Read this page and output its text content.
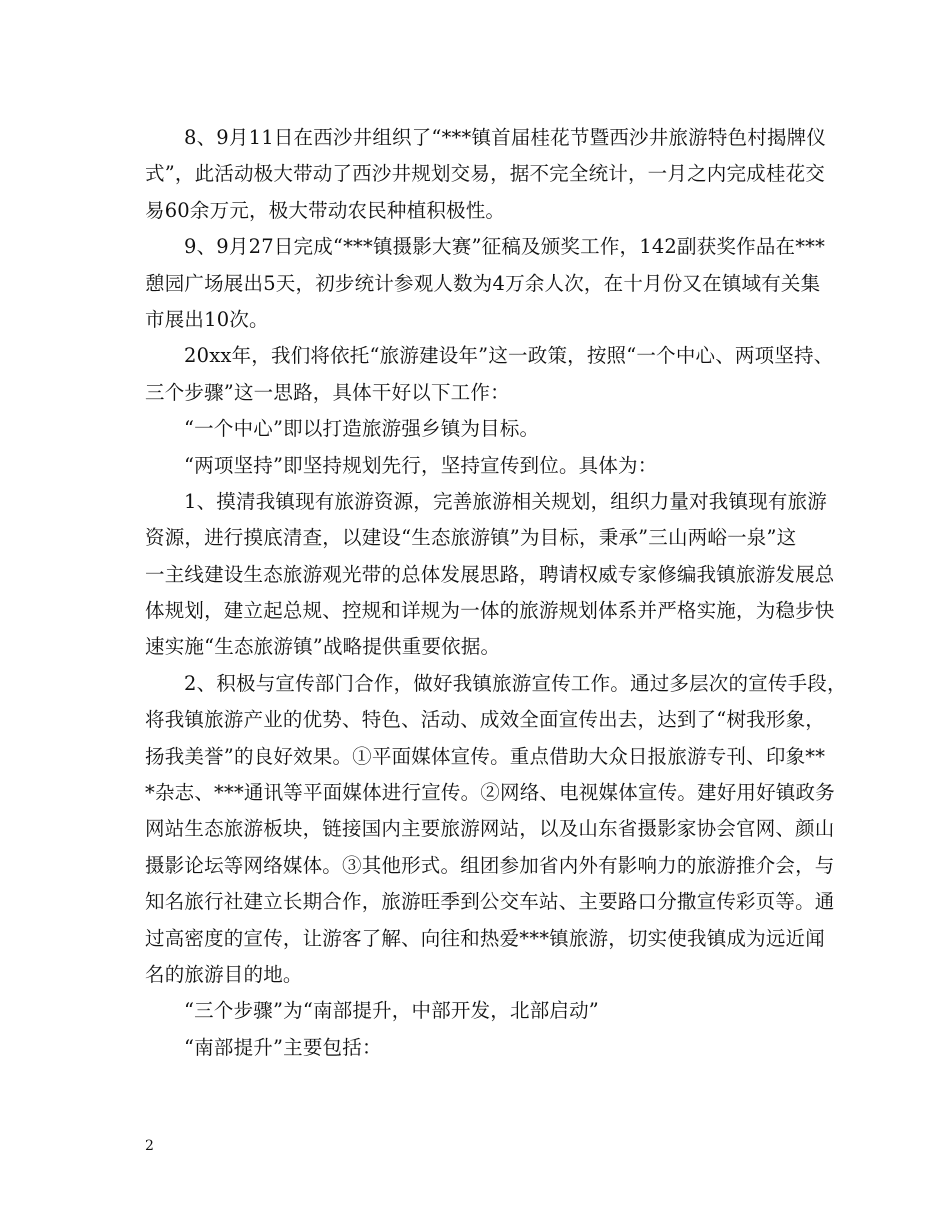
8、9月11日在西沙井组织了“***镇首届桂花节暨西沙井旅游特色村揭牌仪
式”，此活动极大带动了西沙井规划交易，据不完全统计，一月之内完成桂花交
易60余万元，极大带动农民种植积极性。
9、9月27日完成“***镇摄影大赛”征稿及颁奖工作，142副获奖作品在***
憩园广场展出5天，初步统计参观人数为4万余人次，在十月份又在镇域有关集
市展出10次。
20xx年，我们将依托“旅游建设年”这一政策，按照“一个中心、两项坚持、
三个步骤”这一思路，具体干好以下工作：
“一个中心”即以打造旅游强乡镇为目标。
“两项坚持”即坚持规划先行，坚持宣传到位。具体为：
1、摸清我镇现有旅游资源，完善旅游相关规划，组织力量对我镇现有旅游
资源，进行摸底清查，以建设“生态旅游镇”为目标，秉承”三山两峪一泉”这
一主线建设生态旅游观光带的总体发展思路，聘请权威专家修编我镇旅游发展总
体规划，建立起总规、控规和详规为一体的旅游规划体系并严格实施，为稳步快
速实施“生态旅游镇”战略提供重要依据。
2、积极与宣传部门合作，做好我镇旅游宣传工作。通过多层次的宣传手段，
将我镇旅游产业的优势、特色、活动、成效全面宣传出去，达到了“树我形象，
扬我美誉”的良好效果。①平面媒体宣传。重点借助大众日报旅游专刊、印象**
*杂志、***通讯等平面媒体进行宣传。②网络、电视媒体宣传。建好用好镇政务
网站生态旅游板块，链接国内主要旅游网站，以及山东省摄影家协会官网、颜山
摄影论坛等网络媒体。③其他形式。组团参加省内外有影响力的旅游推介会，与
知名旅行社建立长期合作，旅游旺季到公交车站、主要路口分撒宣传彩页等。通
过高密度的宣传，让游客了解、向往和热爱***镇旅游，切实使我镇成为远近闻
名的旅游目的地。
“三个步骤”为“南部提升，中部开发，北部启动”
“南部提升”主要包括：
2
